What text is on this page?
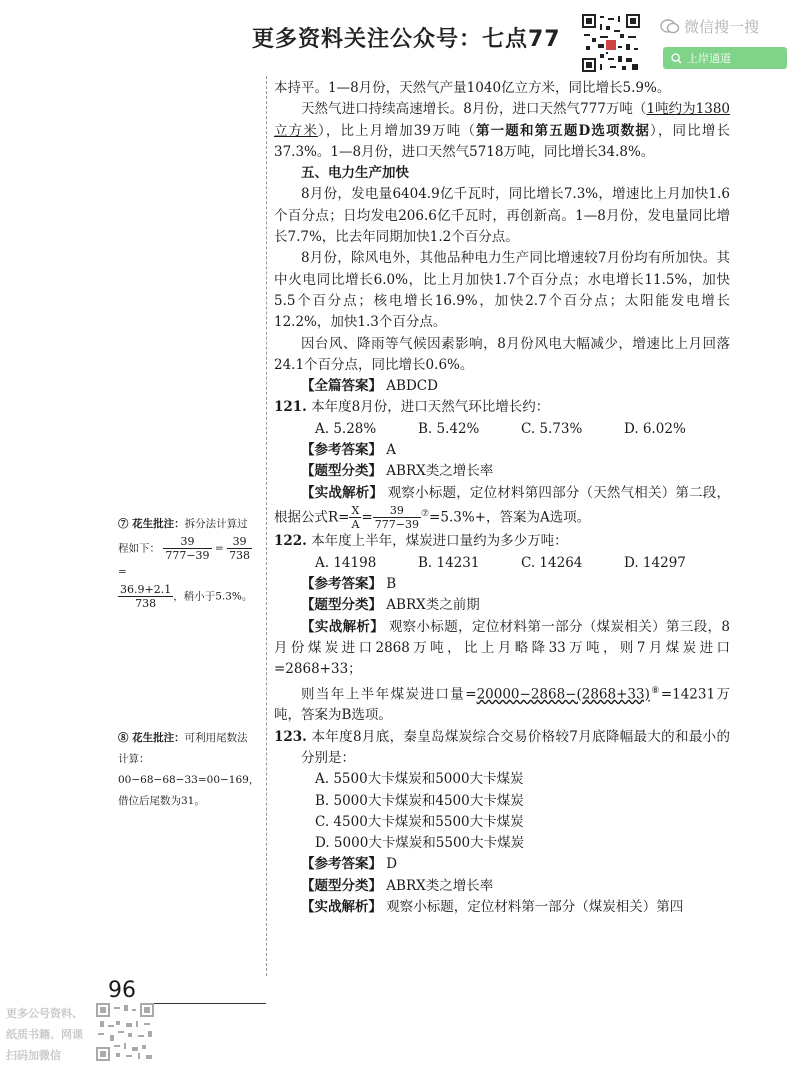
更多资料关注公众号：七点77	微信搜一搜
上岸通道

本持平。1—8月份，天然气产量1040亿立方米，同比增长5.9%。

天然气进口持续高速增长。8月份，进口天然气777万吨（1吨约为1380立方米），比上月增加39万吨（第一题和第五题D选项数据），同比增长37.3%。1—8月份，进口天然气5718万吨，同比增长34.8%。

五、电力生产加快

8月份，发电量6404.9亿千瓦时，同比增长7.3%，增速比上月加快1.6个百分点；日均发电206.6亿千瓦时，再创新高。1—8月份，发电量同比增长7.7%，比去年同期加快1.2个百分点。

8月份，除风电外，其他品种电力生产同比增速较7月份均有所加快。其中火电同比增长6.0%，比上月加快1.7个百分点；水电增长11.5%，加快5.5个百分点；核电增长16.9%，加快2.7个百分点；太阳能发电增长12.2%，加快1.3个百分点。

因台风、降雨等气候因素影响，8月份风电大幅减少，增速比上月回落24.1个百分点，同比增长0.6%。

【全篇答案】 ABDCD

121. 本年度8月份，进口天然气环比增长约：

A. 5.28%	B. 5.42%	C. 5.73%	D. 6.02%

【参考答案】 A

【题型分类】 ABRX类之增长率

【实战解析】 观察小标题，定位材料第四部分（天然气相关）第二段，根据公式$R= \frac{X}{A} = \frac{39}{777-39} ^⑦=5.3\%+$，答案为A选项。

122. 本年度上半年，煤炭进口量约为多少万吨：

A. 14198	B. 14231	C. 14264	D. 14297

【参考答案】 B

【题型分类】 ABRX类之前期

【实战解析】 观察小标题，定位材料第一部分（煤炭相关）第三段，8月份煤炭进口2868万吨，比上月略降33万吨，则7月煤炭进口=2868+33；

则当年上半年煤炭进口量=20000−2868−(2868+33)⑧=14231万吨，答案为B选项。

123. 本年度8月底，秦皇岛煤炭综合交易价格较7月底降幅最大的和最小的分别是：

A. 5500大卡煤炭和5000大卡煤炭
B. 5000大卡煤炭和4500大卡煤炭
C. 4500大卡煤炭和5500大卡煤炭
D. 5000大卡煤炭和5500大卡煤炭

【参考答案】 D

【题型分类】 ABRX类之增长率

【实战解析】 观察小标题，定位材料第一部分（煤炭相关）第四

⑦ 花生批注：拆分法计算过程如下： $\frac{39}{777-39} = \frac{39}{738}$
=

$\frac{36.9+2.1}{738}$ ，稍小于5.3%。
⑧ 花生批注：可利用尾数法计算：00−68−68−33=00−169，借位后尾数为31。
96
更多公号资料、
纸质书籍、网课
扫码加微信
